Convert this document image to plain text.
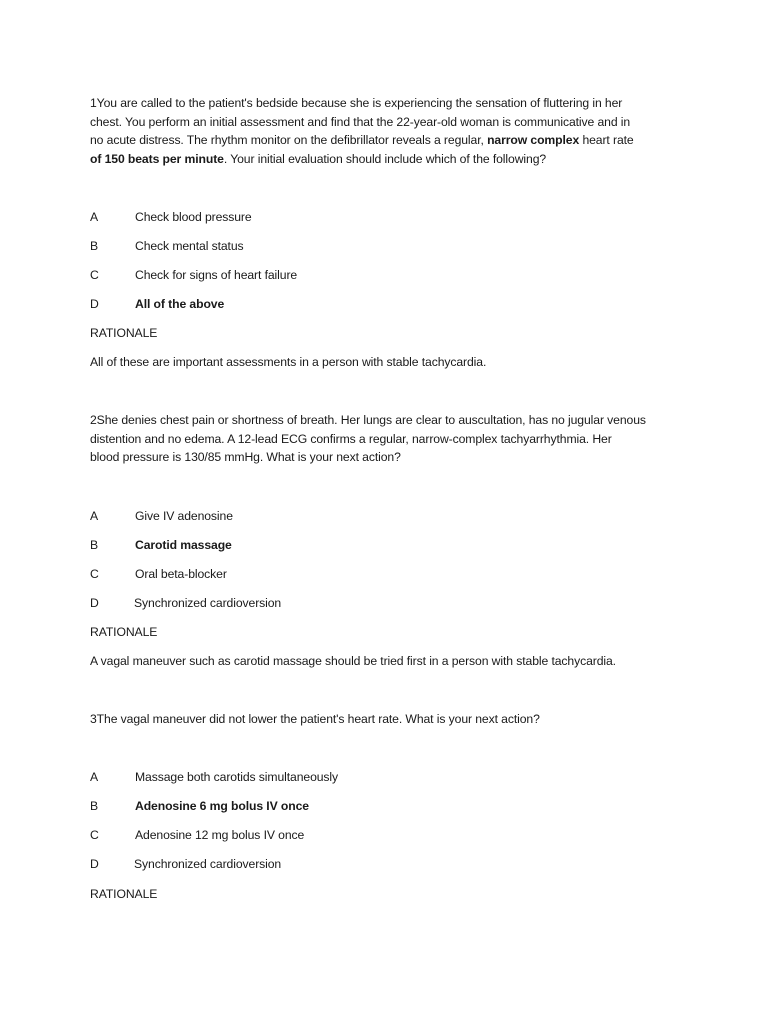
1You are called to the patient's bedside because she is experiencing the sensation of fluttering in her
chest. You perform an initial assessment and find that the 22-year-old woman is communicative and in
no acute distress. The rhythm monitor on the defibrillator reveals a regular, narrow complex heart rate
of 150 beats per minute. Your initial evaluation should include which of the following?
A	Check blood pressure
B	Check mental status
C	Check for signs of heart failure
D	All of the above
RATIONALE
All of these are important assessments in a person with stable tachycardia.
2She denies chest pain or shortness of breath. Her lungs are clear to auscultation, has no jugular venous
distention and no edema. A 12-lead ECG confirms a regular, narrow-complex tachyarrhythmia. Her
blood pressure is 130/85 mmHg. What is your next action?
A	Give IV adenosine
B	Carotid massage
C	Oral beta-blocker
D	Synchronized cardioversion
RATIONALE
A vagal maneuver such as carotid massage should be tried first in a person with stable tachycardia.
3The vagal maneuver did not lower the patient's heart rate. What is your next action?
A	Massage both carotids simultaneously
B	Adenosine 6 mg bolus IV once
C	Adenosine 12 mg bolus IV once
D	Synchronized cardioversion
RATIONALE
